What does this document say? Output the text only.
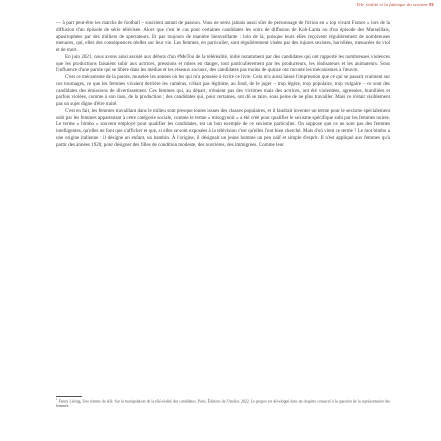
Tele réalité et la fabrique du sexisme 81

— à part peut-être les matchs de football – suscitent autant de passion. Vous ne serez jamais aussi sûrs de personnage de fiction en « top vivant France » lors de la diffusion d'un épisode de série télévisée. Alors que c'est le cas pour certaines candidates les soirs de diffusion de Koh-Lanta ou d'un épisode des Marseillais, apostrophées par des milliers de spectateurs. Et pas toujours de manière bienveillante : loin de là, puisque leurs elles reçoivent régulièrement de nombreuses menaces, qui, elles des conséquences réelles sur leur vie. Les femmes, en particulier, sont régulièrement visées par des injures sexistes, harcèlées, menacées de viol et de mort.

En juin 2021, nous avons ainsi assisté aux débuts d'un #MeToo de la téléréalité, initié notamment par des candidates qui ont rapporté les nombreuses violences que les productions faisaient subir aux actrices, pressions et mises en danger, tout particulièrement par les producteurs, les réalisateurs et les animateurs. Sous l'influence d'une parole qui se libère dans les médias et les réseaux sociaux, des candidates pas moins de quinze ont raconté les mécanismes à l'œuvre.

C'est ce mécanisme de la parole, muselée les années où les qui m'a poussée à écrire ce livre. Cela m'a aussi laissé l'impression que ce qui se passait vraiment sur ces tournages, ce que les femmes vivaient derrière les caméras, n'était pas légitime, au fond, de le juger – trop légère, trop populaire, trop vulgaire – ce sont des candidates des émissions de divertissement. Ces femmes qui, au départ, n'étaient pas des victimes mais des actrices, ont été violentées, agressées, humiliées et parfois violées, comme à son insu, de la production ; des candidates qui, pour certaines, ont dû se taire, sous peine de ne plus travailler. Mais ce n'était visiblement pas un sujet digne d'être traité.

C'est en fait, les femmes travaillant dans le milieu sont presque toutes issues des classes populaires, et il faudrait inventer un terme pour le sexisme spécialement subi par les femmes appartenant à cette catégorie sociale, comme le terme « misogynoir » a été créé pour qualifier le sexisme spécifique subi par les femmes noires. Le terme « bimbo » souvent employé pour qualifier les candidates, est un bon exemple de ce sexisme particulier. On suppose que ce ne sont pas des femmes intelligentes, qu'elles ne font que s'afficher et que, si elles se sont exposées à la télévision c'est qu'elles l'ont bien cherché. Mais d'où vient ce terme ? Le mot bimbo a une origine italienne : il désigne un enfant, un bambin. À l'origine, il désignait un jeune homme un peu naïf et simple d'esprit. Il n'est appliqué aux femmes qu'à partir des années 1920, pour désigner des filles de condition modeste, des ouvrières, des immigrées. Comme leur

$^1$ Fanny Lelong, Une femme de télé. Sur la manipulation de la télé-réalité des candidates, Paris, Éditions de l'Atelier, 2022. Le propos est développé dans un chapitre consacré à la question de la représentation des femmes.
